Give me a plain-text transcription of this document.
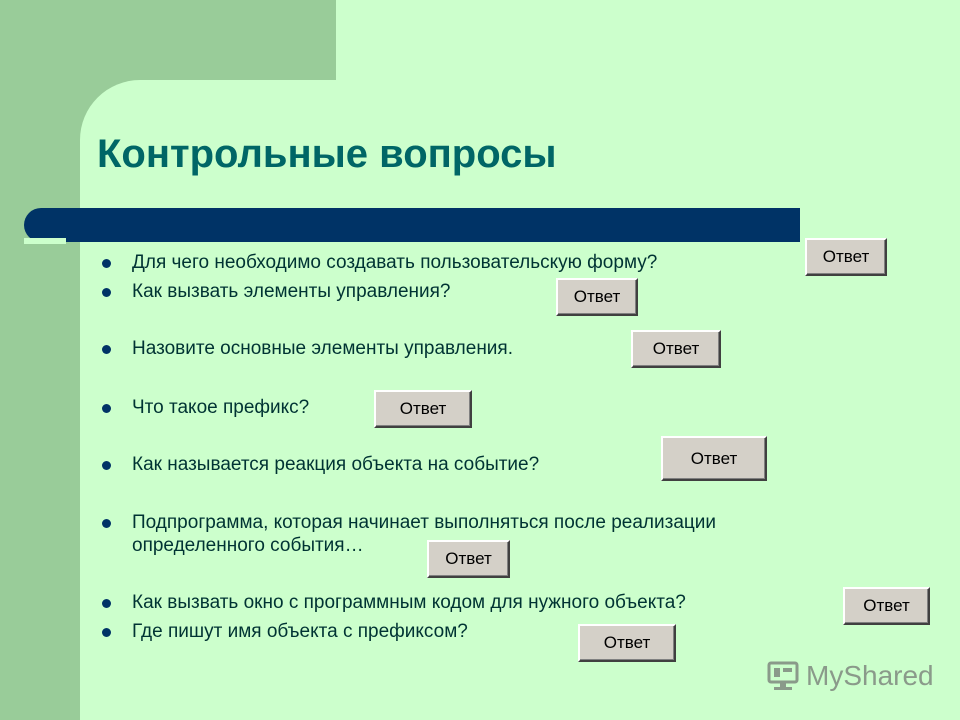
Контрольные вопросы
Для чего необходимо создавать пользовательскую форму?	Ответ
Как вызвать элементы управления?	Ответ
Назовите основные элементы управления.	Ответ
Что такое префикс?	Ответ
Как называется реакция объекта на событие?	Ответ
Подпрограмма, которая начинает выполняться после реализации
определенного события…
Ответ
Как вызвать окно с программным кодом для нужного объекта?	Ответ
Где пишут имя объекта с префиксом?
Ответ
MyShared
